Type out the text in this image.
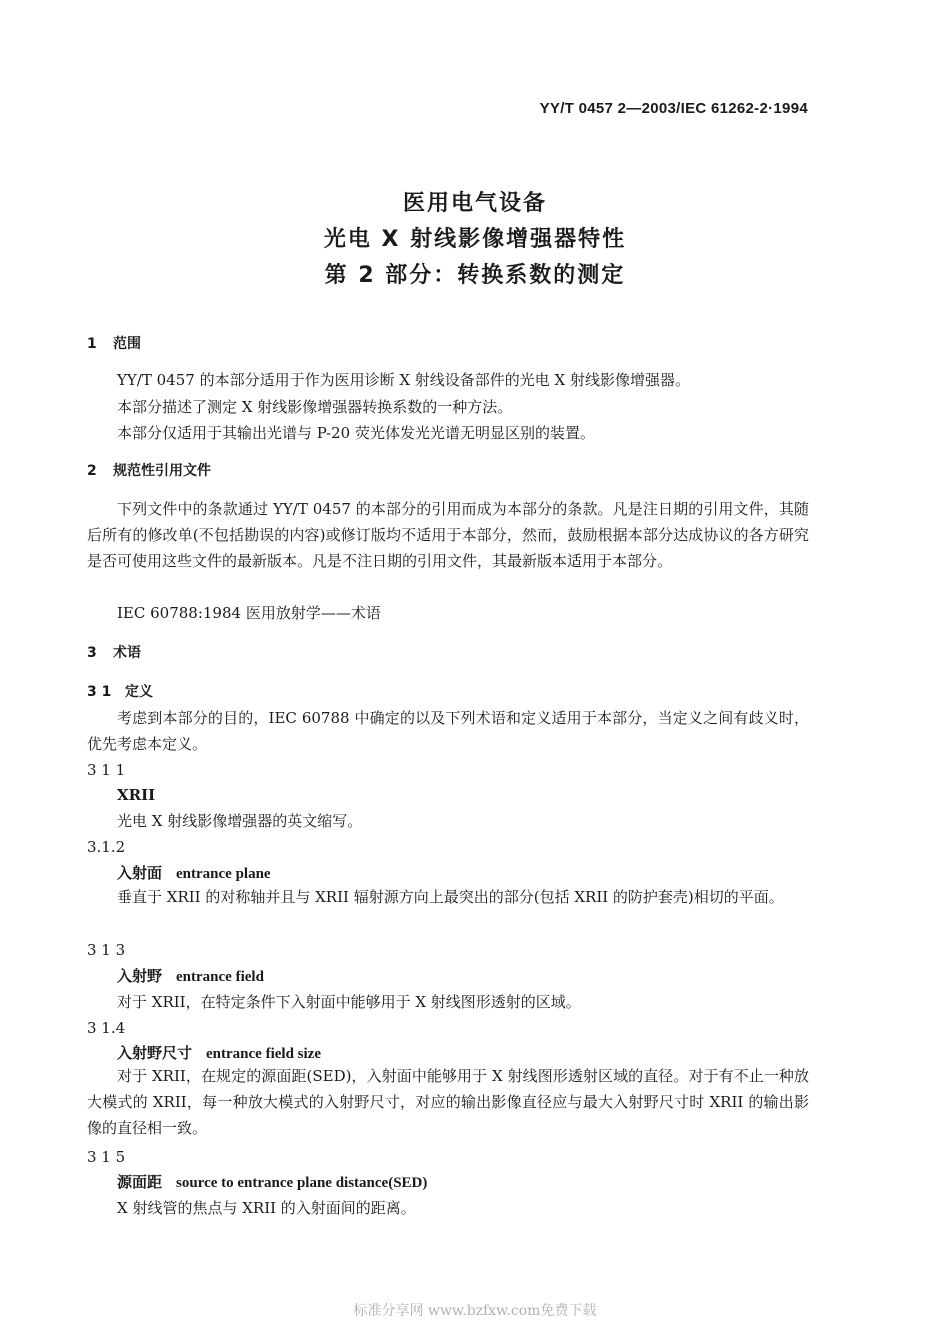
YY/T 0457 2—2003/IEC 61262-2·1994
医用电气设备
光电 X 射线影像增强器特性
第 2 部分：转换系数的测定
1 范围
YY/T 0457 的本部分适用于作为医用诊断 X 射线设备部件的光电 X 射线影像增强器。
本部分描述了测定 X 射线影像增强器转换系数的一种方法。
本部分仅适用于其输出光谱与 P-20 荧光体发光光谱无明显区别的装置。
2 规范性引用文件
下列文件中的条款通过 YY/T 0457 的本部分的引用而成为本部分的条款。凡是注日期的引用文件，其随后所有的修改单(不包括勘误的内容)或修订版均不适用于本部分，然而，鼓励根据本部分达成协议的各方研究是否可使用这些文件的最新版本。凡是不注日期的引用文件，其最新版本适用于本部分。
IEC 60788:1984 医用放射学——术语
3 术语
3 1 定义
考虑到本部分的目的，IEC 60788 中确定的以及下列术语和定义适用于本部分，当定义之间有歧义时，优先考虑本定义。
3 1 1
XRII
光电 X 射线影像增强器的英文缩写。
3.1.2
入射面 entrance plane
垂直于 XRII 的对称轴并且与 XRII 辐射源方向上最突出的部分(包括 XRII 的防护套壳)相切的平面。
3 1 3
入射野 entrance field
对于 XRII，在特定条件下入射面中能够用于 X 射线图形透射的区域。
3 1.4
入射野尺寸 entrance field size
对于 XRII，在规定的源面距(SED)，入射面中能够用于 X 射线图形透射区域的直径。对于有不止一种放大模式的 XRII，每一种放大模式的入射野尺寸，对应的输出影像直径应与最大入射野尺寸时 XRII 的输出影像的直径相一致。
3 1 5
源面距 source to entrance plane distance(SED)
X 射线管的焦点与 XRII 的入射面间的距离。
标准分享网 www.bzfxw.com免费下载
